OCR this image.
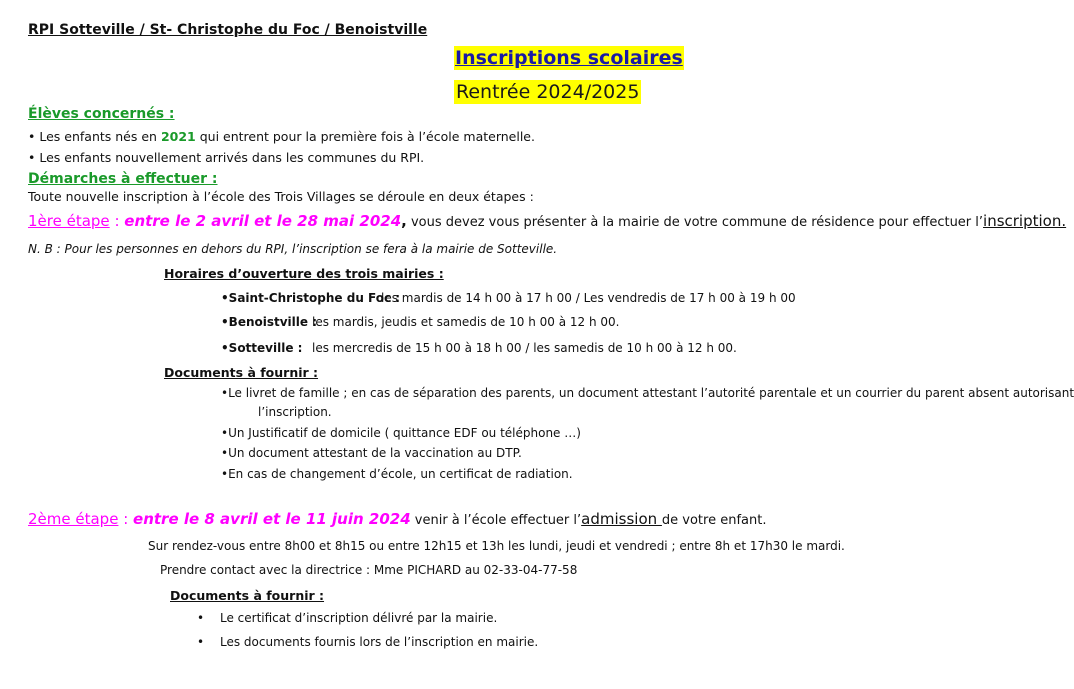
RPI Sotteville / St- Christophe du Foc / Benoistville
Inscriptions scolaires
Rentrée 2024/2025
Élèves concernés :
• Les enfants nés en 2021 qui entrent pour la première fois à l’école maternelle.
• Les enfants nouvellement arrivés dans les communes du RPI.
Démarches à effectuer :
Toute nouvelle inscription à l’école des Trois Villages se déroule en deux étapes :
1ère étape : entre le 2 avril et le 28 mai 2024, vous devez vous présenter à la mairie de votre commune de résidence pour effectuer l’inscription.
N. B : Pour les personnes en dehors du RPI, l’inscription se fera à la mairie de Sotteville.
Horaires d’ouverture des trois mairies :
•Saint-Christophe du Foc :
les mardis de 14 h 00 à 17 h 00 / Les vendredis de 17 h 00 à 19 h 00
•Benoistville :
les mardis, jeudis et samedis de 10 h 00 à 12 h 00.
•Sotteville : les mercredis de 15 h 00 à 18 h 00 / les samedis de 10 h 00 à 12 h 00.
Documents à fournir :
•Le livret de famille ; en cas de séparation des parents, un document attestant l’autorité parentale et un courrier du parent absent autorisant
l’inscription.
•Un Justificatif de domicile ( quittance EDF ou téléphone …)
•Un document attestant de la vaccination au DTP.
•En cas de changement d’école, un certificat de radiation.
2ème étape : entre le 8 avril et le 11 juin 2024 venir à l’école effectuer l’admission de votre enfant.
Sur rendez-vous entre 8h00 et 8h15 ou entre 12h15 et 13h les lundi, jeudi et vendredi ; entre 8h et 17h30 le mardi.
Prendre contact avec la directrice : Mme PICHARD au 02-33-04-77-58
Documents à fournir :
• Le certificat d’inscription délivré par la mairie.
• Les documents fournis lors de l’inscription en mairie.
